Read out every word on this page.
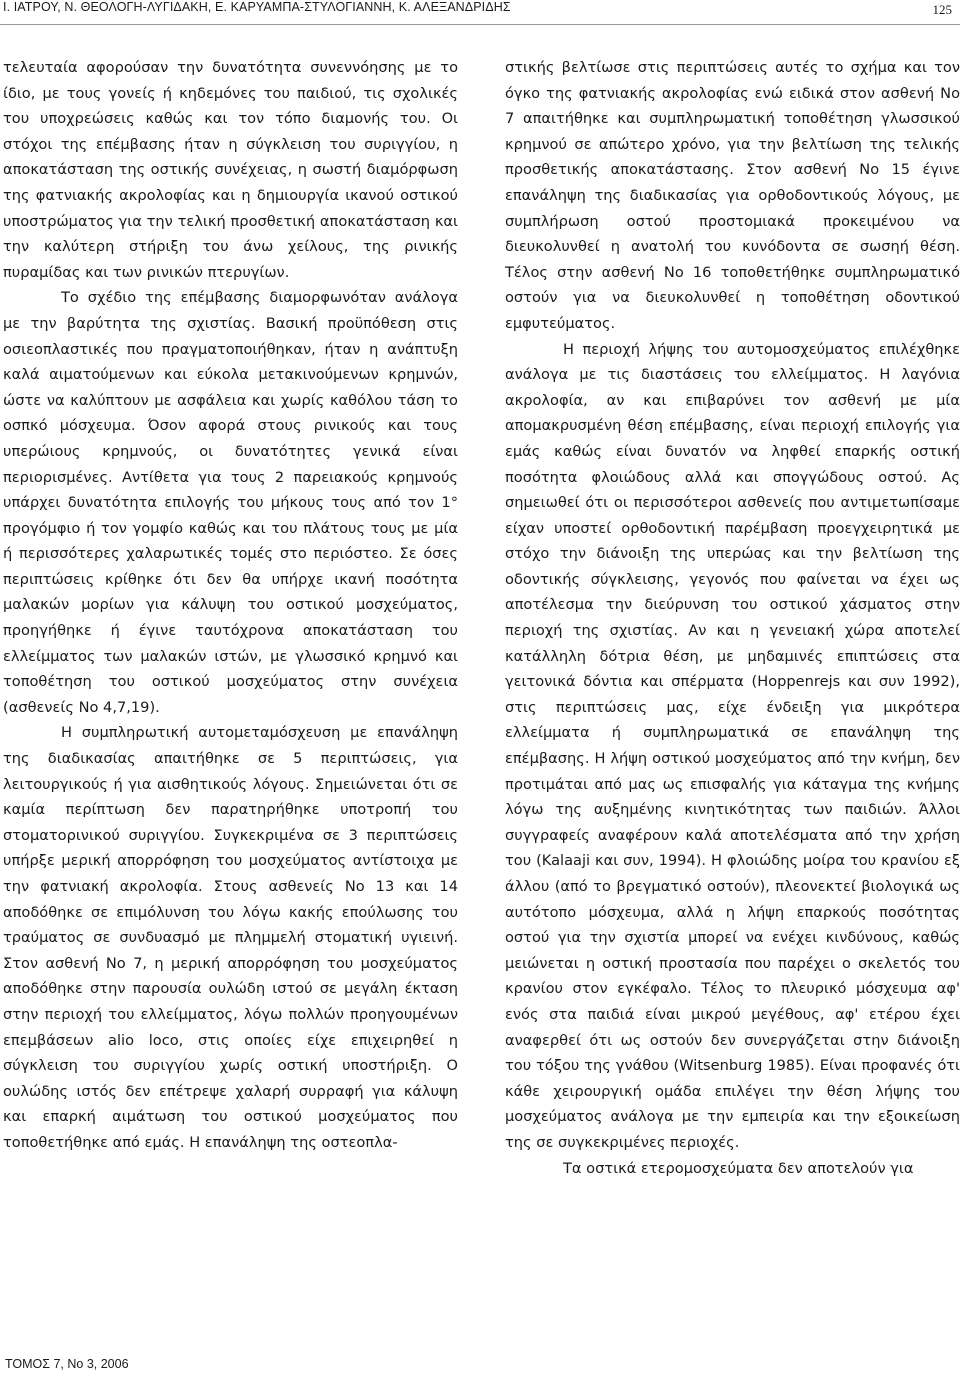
Ι. ΙΑΤΡΟΥ, Ν. ΘΕΟΛΟΓΗ-ΛΥΓΙΔΑΚΗ, Ε. ΚΑΡΥΑΜΠΑ-ΣΤΥΛΟΓΙΑΝΝΗ, Κ. ΑΛΕΞΑΝΔΡΙΔΗΣ	125

τελευταία αφορούσαν την δυνατότητα συνεννόησης με το ίδιο, με τους γονείς ή κηδεμόνες του παιδιού, τις σχολικές του υποχρεώσεις καθώς και τον τόπο διαμονής του. Οι στόχοι της επέμβασης ήταν η σύγκλειση του συριγγίου, η αποκατάσταση της οστικής συνέχειας, η σωστή διαμόρφωση της φατνιακής ακρολοφίας και η δημιουργία ικανού οστικού υποστρώματος για την τελική προσθετική αποκατάσταση και την καλύτερη στήριξη του άνω χείλους, της ρινικής πυραμίδας και των ρινικών πτερυγίων.

Το σχέδιο της επέμβασης διαμορφωνόταν ανάλογα με την βαρύτητα της σχιστίας. Βασική προϋπόθεση στις οσιεοπλαστικές που πραγματοποιήθηκαν, ήταν η ανάπτυξη καλά αιματούμενων και εύκολα μετακινούμενων κρημνών, ώστε να καλύπτουν με ασφάλεια και χωρίς καθόλου τάση το οσπκό μόσχευμα. Όσον αφορά στους ρινικούς και τους υπερώιους κρημνούς, οι δυνατότητες γενικά είναι περιορισμένες. Αντίθετα για τους 2 παρειακούς κρημνούς υπάρχει δυνατότητα επιλογής του μήκους τους από τον 1° προγόμφιο ή τον γομφίο καθώς και του πλάτους τους με μία ή περισσότερες χαλαρωτικές τομές στο περιόστεο. Σε όσες περιπτώσεις κρίθηκε ότι δεν θα υπήρχε ικανή ποσότητα μαλακών μορίων για κάλυψη του οστικού μοσχεύματος, προηγήθηκε ή έγινε ταυτόχρονα αποκατάσταση του ελλείμματος των μαλακών ιστών, με γλωσσικό κρημνό και τοποθέτηση του οστικού μοσχεύματος στην συνέχεια (ασθενείς Νο 4,7,19).

Η συμπληρωτική αυτομεταμόσχευση με επανάληψη της διαδικασίας απαιτήθηκε σε 5 περιπτώσεις, για λειτουργικούς ή για αισθητικούς λόγους. Σημειώνεται ότι σε καμία περίπτωση δεν παρατηρήθηκε υποτροπή του στοματορινικού συριγγίου. Συγκεκριμένα σε 3 περιπτώσεις υπήρξε μερική απορρόφηση του μοσχεύματος αντίστοιχα με την φατνιακή ακρολοφία. Στους ασθενείς Νο 13 και 14 αποδόθηκε σε επιμόλυνση του λόγω κακής επούλωσης του τραύματος σε συνδυασμό με πλημμελή στοματική υγιεινή. Στον ασθενή Νο 7, η μερική απορρόφηση του μοσχεύματος αποδόθηκε στην παρουσία ουλώδη ιστού σε μεγάλη έκταση στην περιοχή του ελλείμματος, λόγω πολλών προηγουμένων επεμβάσεων alio loco, στις οποίες είχε επιχειρηθεί η σύγκλειση του συριγγίου χωρίς οστική υποστήριξη. Ο ουλώδης ιστός δεν επέτρεψε χαλαρή συρραφή για κάλυψη και επαρκή αιμάτωση του οστικού μοσχεύματος που τοποθετήθηκε από εμάς. Η επανάληψη της οστεοπλα-

στικής βελτίωσε στις περιπτώσεις αυτές το σχήμα και τον όγκο της φατνιακής ακρολοφίας ενώ ειδικά στον ασθενή Νο 7 απαιτήθηκε και συμπληρωματική τοποθέτηση γλωσσικού κρημνού σε απώτερο χρόνο, για την βελτίωση της τελικής προσθετικής αποκατάστασης. Στον ασθενή Νο 15 έγινε επανάληψη της διαδικασίας για ορθοδοντικούς λόγους, με συμπλήρωση οστού προστομιακά προκειμένου να διευκολυνθεί η ανατολή του κυνόδοντα σε σωσηή θέση. Τέλος στην ασθενή Νο 16 τοποθετήθηκε συμπληρωματικό οστούν για να διευκολυνθεί η τοποθέτηση οδοντικού εμφυτεύματος.

Η περιοχή λήψης του αυτομοσχεύματος επιλέχθηκε ανάλογα με τις διαστάσεις του ελλείμματος. Η λαγόνια ακρολοφία, αν και επιβαρύνει τον ασθενή με μία απομακρυσμένη θέση επέμβασης, είναι περιοχή επιλογής για εμάς καθώς είναι δυνατόν να ληφθεί επαρκής οστική ποσότητα φλοιώδους αλλά και σπογγώδους οστού. Ας σημειωθεί ότι οι περισσότεροι ασθενείς που αντιμετωπίσαμε είχαν υποστεί ορθοδοντική παρέμβαση προεγχειρητικά με στόχο την διάνοιξη της υπερώας και την βελτίωση της οδοντικής σύγκλεισης, γεγονός που φαίνεται να έχει ως αποτέλεσμα την διεύρυνση του οστικού χάσματος στην περιοχή της σχιστίας. Αν και η γενειακή χώρα αποτελεί κατάλληλη δότρια θέση, με μηδαμινές επιπτώσεις στα γειτονικά δόντια και σπέρματα (Hoppenrejs και συν 1992), στις περιπτώσεις μας, είχε ένδειξη για μικρότερα ελλείμματα ή συμπληρωματικά σε επανάληψη της επέμβασης. Η λήψη οστικού μοσχεύματος από την κνήμη, δεν προτιμάται από μας ως επισφαλής για κάταγμα της κνήμης λόγω της αυξημένης κινητικότητας των παιδιών. Άλλοι συγγραφείς αναφέρουν καλά αποτελέσματα από την χρήση του (Kalaaji και συν, 1994). Η φλοιώδης μοίρα του κρανίου εξ άλλου (από το βρεγματικό οστούν), πλεονεκτεί βιολογικά ως αυτότοπο μόσχευμα, αλλά η λήψη επαρκούς ποσότητας οστού για την σχιστία μπορεί να ενέχει κινδύνους, καθώς μειώνεται η οστική προστασία που παρέχει ο σκελετός του κρανίου στον εγκέφαλο. Τέλος το πλευρικό μόσχευμα αφ' ενός στα παιδιά είναι μικρού μεγέθους, αφ' ετέρου έχει αναφερθεί ότι ως οστούν δεν συνεργάζεται στην διάνοιξη του τόξου της γνάθου (Witsenburg 1985). Είναι προφανές ότι κάθε χειρουργική ομάδα επιλέγει την θέση λήψης του μοσχεύματος ανάλογα με την εμπειρία και την εξοικείωση της σε συγκεκριμένες περιοχές.

Τα οστικά ετερομοσχεύματα δεν αποτελούν για

ΤΟΜΟΣ 7, Νο 3, 2006
